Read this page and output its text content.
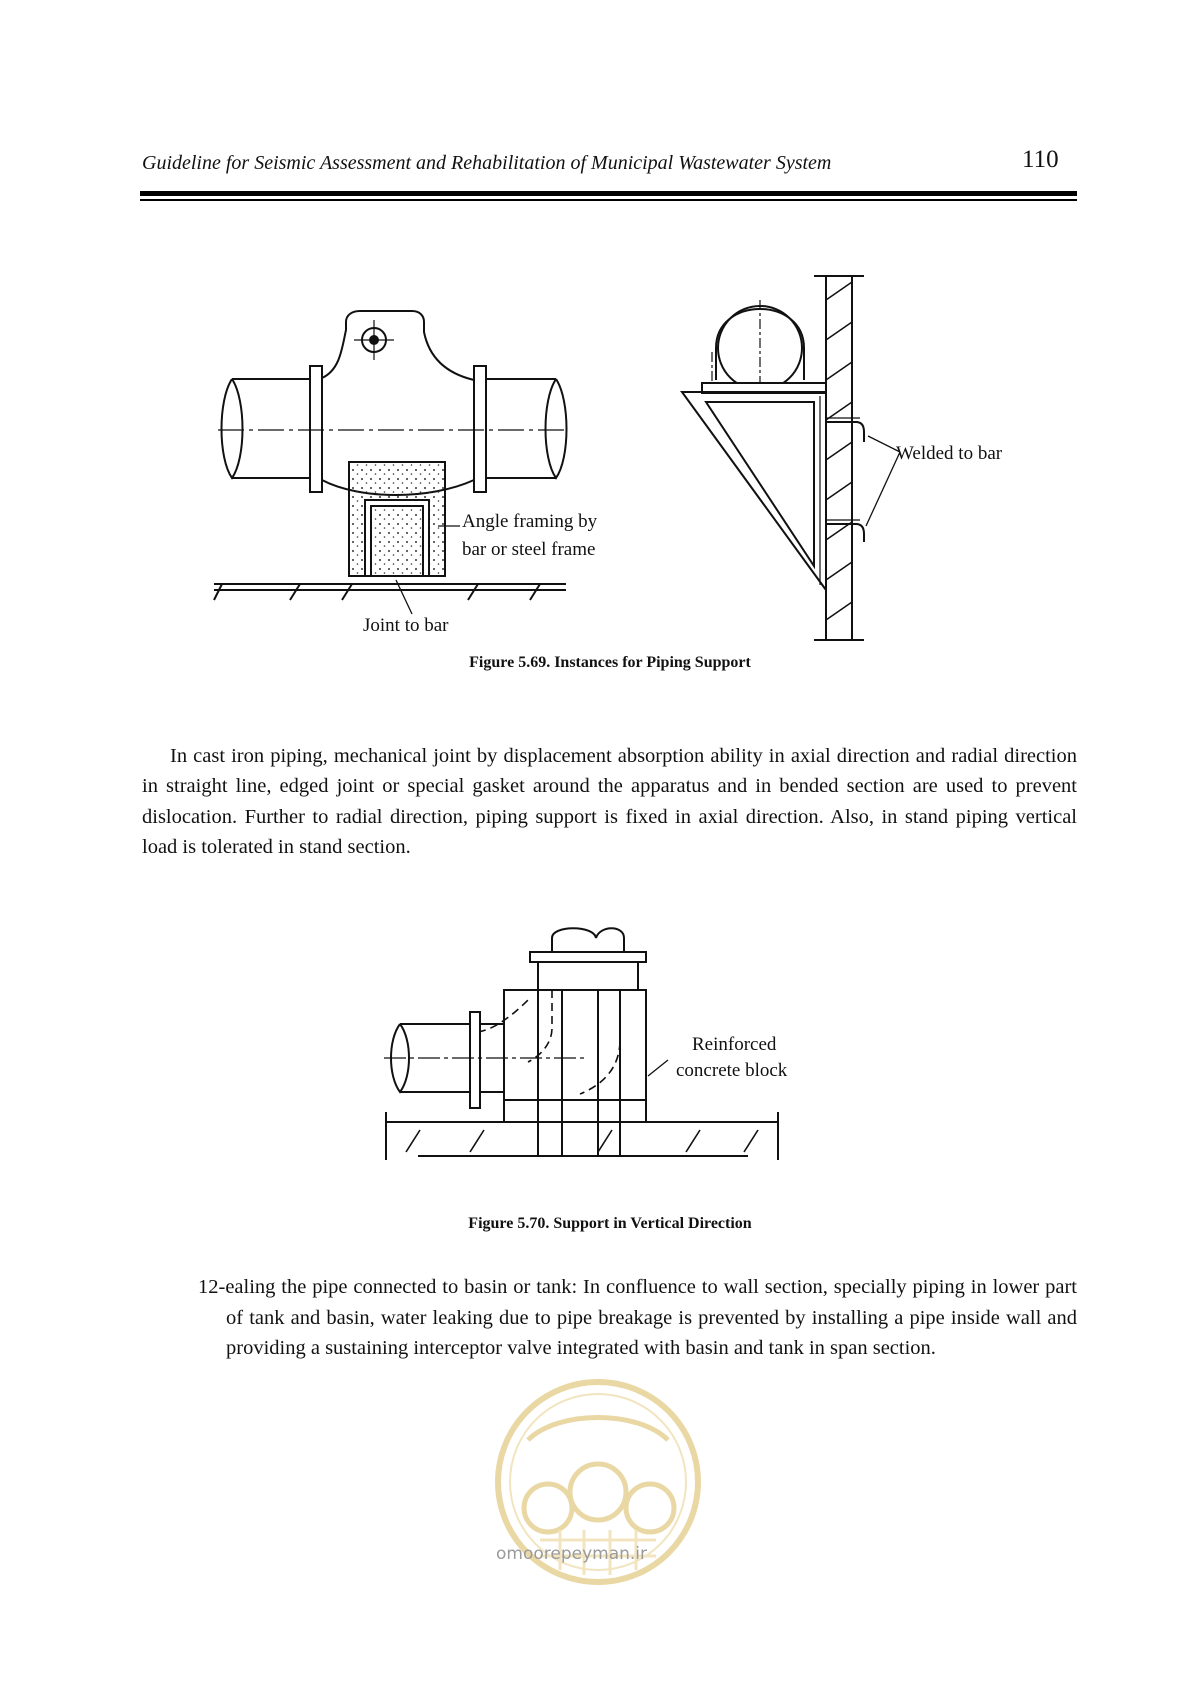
Guideline for Seismic Assessment and Rehabilitation of Municipal Wastewater System	110
Angle framing by
bar or steel frame
Joint to bar
Welded to bar
Reinforced
concrete block
Figure 5.69. Instances for Piping Support

In cast iron piping, mechanical joint by displacement absorption ability in axial direction and radial direction in straight line, edged joint or special gasket around the apparatus and in bended section are used to prevent dislocation. Further to radial direction, piping support is fixed in axial direction. Also, in stand piping vertical load is tolerated in stand section.

Figure 5.70. Support in Vertical Direction
12-ealing the pipe connected to basin or tank: In confluence to wall section, specially piping in lower part of tank and basin, water leaking due to pipe breakage is prevented by installing a pipe inside wall and providing a sustaining interceptor valve integrated with basin and tank in span section.
omoorepeyman.ir
